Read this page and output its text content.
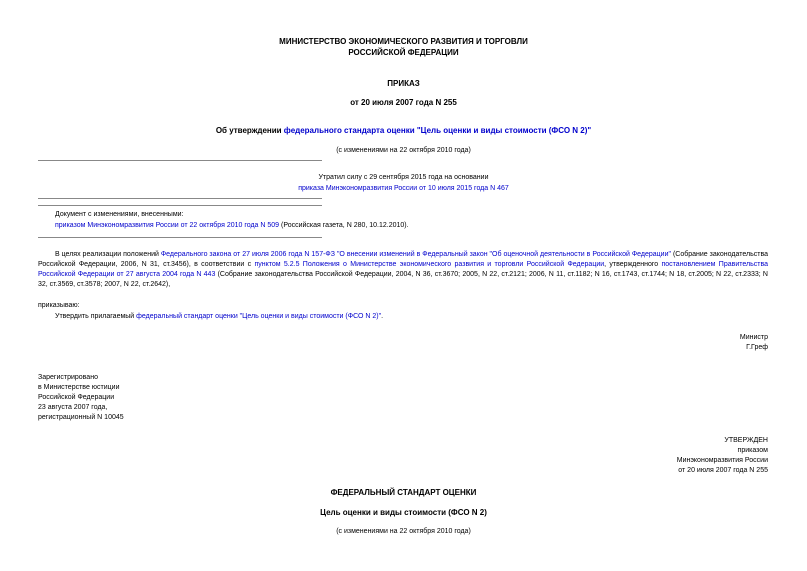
МИНИСТЕРСТВО ЭКОНОМИЧЕСКОГО РАЗВИТИЯ И ТОРГОВЛИ
РОССИЙСКОЙ ФЕДЕРАЦИИ
ПРИКАЗ
от 20 июля 2007 года N 255
Об утверждении федерального стандарта оценки "Цель оценки и виды стоимости (ФСО N 2)"
(с изменениями на 22 октября 2010 года)
Утратил силу с 29 сентября 2015 года на основании
приказа Минэкономразвития России от 10 июля 2015 года N 467
Документ с изменениями, внесенными:
приказом Минэкономразвития России от 22 октября 2010 года N 509 (Российская газета, N 280, 10.12.2010).
В целях реализации положений Федерального закона от 27 июля 2006 года N 157-ФЗ "О внесении изменений в Федеральный закон "Об оценочной деятельности в Российской Федерации" (Собрание законодательства Российской Федерации, 2006, N 31, ст.3456), в соответствии с пунктом 5.2.5 Положения о Министерстве экономического развития и торговли Российской Федерации, утвержденного постановлением Правительства Российской Федерации от 27 августа 2004 года N 443 (Собрание законодательства Российской Федерации, 2004, N 36, ст.3670; 2005, N 22, ст.2121; 2006, N 11, ст.1182; N 16, ст.1743, ст.1744; N 18, ст.2005; N 22, ст.2333; N 32, ст.3569, ст.3578; 2007, N 22, ст.2642),
приказываю:
Утвердить прилагаемый федеральный стандарт оценки "Цель оценки и виды стоимости (ФСО N 2)".
Министр
Г.Греф
Зарегистрировано
в Министерстве юстиции
Российской Федерации
23 августа 2007 года,
регистрационный N 10045
УТВЕРЖДЕН
приказом
Минэкономразвития России
от 20 июля 2007 года N 255
ФЕДЕРАЛЬНЫЙ СТАНДАРТ ОЦЕНКИ
Цель оценки и виды стоимости (ФСО N 2)
(с изменениями на 22 октября 2010 года)
